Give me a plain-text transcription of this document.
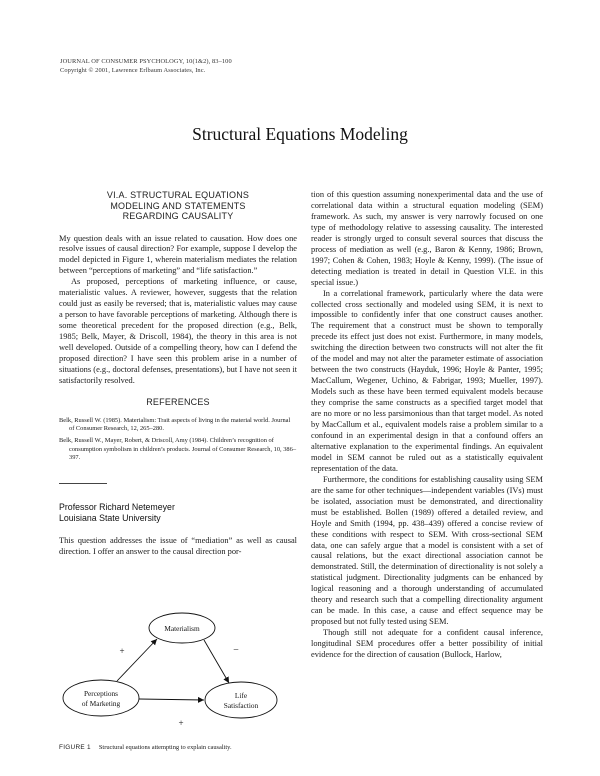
JOURNAL OF CONSUMER PSYCHOLOGY, 10(1&2), 83–100
Copyright © 2001, Lawrence Erlbaum Associates, Inc.
Structural Equations Modeling
VI.A. STRUCTURAL EQUATIONS
MODELING AND STATEMENTS
REGARDING CAUSALITY

My question deals with an issue related to causation. How does one resolve issues of causal direction? For example, suppose I develop the model depicted in Figure 1, wherein materialism mediates the relation between “perceptions of marketing” and “life satisfaction.”

As proposed, perceptions of marketing influence, or cause, materialistic values. A reviewer, however, suggests that the relation could just as easily be reversed; that is, materialistic values may cause a person to have favorable perceptions of marketing. Although there is some theoretical precedent for the proposed direction (e.g., Belk, 1985; Belk, Mayer, & Driscoll, 1984), the theory in this area is not well developed. Outside of a compelling theory, how can I defend the proposed direction? I have seen this problem arise in a number of situations (e.g., doctoral defenses, presentations), but I have not seen it satisfactorily resolved.

REFERENCES

Belk, Russell W. (1985). Materialism: Trait aspects of living in the material world. Journal of Consumer Research, 12, 265–280.

Belk, Russell W., Mayer, Robert, & Driscoll, Amy (1984). Children’s recognition of consumption symbolism in children’s products. Journal of Consumer Research, 10, 386–397.

Professor Richard Netemeyer
Louisiana State University

This question addresses the issue of “mediation” as well as causal direction. I offer an answer to the causal direction por-

Materialism
Perceptions
of Marketing
Life
Satisfaction
+	–
+
FIGURE 1 Structural equations attempting to explain causality.

tion of this question assuming nonexperimental data and the use of correlational data within a structural equation modeling (SEM) framework. As such, my answer is very narrowly focused on one type of methodology relative to assessing causality. The interested reader is strongly urged to consult several sources that discuss the process of mediation as well (e.g., Baron & Kenny, 1986; Brown, 1997; Cohen & Cohen, 1983; Hoyle & Kenny, 1999). (The issue of detecting mediation is treated in detail in Question VI.E. in this special issue.)

In a correlational framework, particularly where the data were collected cross sectionally and modeled using SEM, it is next to impossible to confidently infer that one construct causes another. The requirement that a construct must be shown to temporally precede its effect just does not exist. Furthermore, in many models, switching the direction between two constructs will not alter the fit of the model and may not alter the parameter estimate of association between the two constructs (Hayduk, 1996; Hoyle & Panter, 1995; MacCallum, Wegener, Uchino, & Fabrigar, 1993; Mueller, 1997). Models such as these have been termed equivalent models because they comprise the same constructs as a specified target model that are no more or no less parsimonious than that target model. As noted by MacCallum et al., equivalent models raise a problem similar to a confound in an experimental design in that a confound offers an alternative explanation to the experimental findings. An equivalent model in SEM cannot be ruled out as a statistically equivalent representation of the data.

Furthermore, the conditions for establishing causality using SEM are the same for other techniques—independent variables (IVs) must be isolated, association must be demonstrated, and directionality must be established. Bollen (1989) offered a detailed review, and Hoyle and Smith (1994, pp. 438–439) offered a concise review of these conditions with respect to SEM. With cross-sectional SEM data, one can safely argue that a model is consistent with a set of causal relations, but the exact directional association cannot be demonstrated. Still, the determination of directionality is not solely a statistical judgment. Directionality judgments can be enhanced by logical reasoning and a thorough understanding of accumulated theory and research such that a compelling directionality argument can be made. In this case, a cause and effect sequence may be proposed but not fully tested using SEM.

Though still not adequate for a confident causal inference, longitudinal SEM procedures offer a better possibility of initial evidence for the direction of causation (Bullock, Harlow,
